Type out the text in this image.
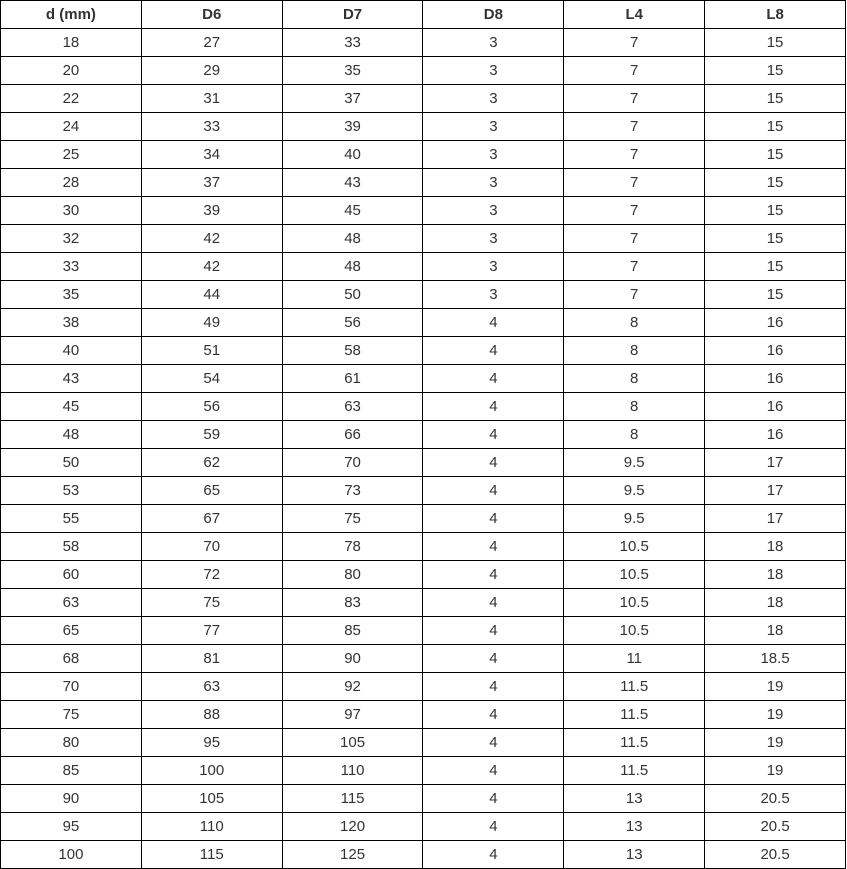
d (mm)	D6	D7	D8	L4	L8
18	27	33	3	7	15
20	29	35	3	7	15
22	31	37	3	7	15
24	33	39	3	7	15
25	34	40	3	7	15
28	37	43	3	7	15
30	39	45	3	7	15
32	42	48	3	7	15
33	42	48	3	7	15
35	44	50	3	7	15
38	49	56	4	8	16
40	51	58	4	8	16
43	54	61	4	8	16
45	56	63	4	8	16
48	59	66	4	8	16
50	62	70	4	9.5	17
53	65	73	4	9.5	17
55	67	75	4	9.5	17
58	70	78	4	10.5	18
60	72	80	4	10.5	18
63	75	83	4	10.5	18
65	77	85	4	10.5	18
68	81	90	4	11	18.5
70	63	92	4	11.5	19
75	88	97	4	11.5	19
80	95	105	4	11.5	19
85	100	110	4	11.5	19
90	105	115	4	13	20.5
95	110	120	4	13	20.5
100	115	125	4	13	20.5
